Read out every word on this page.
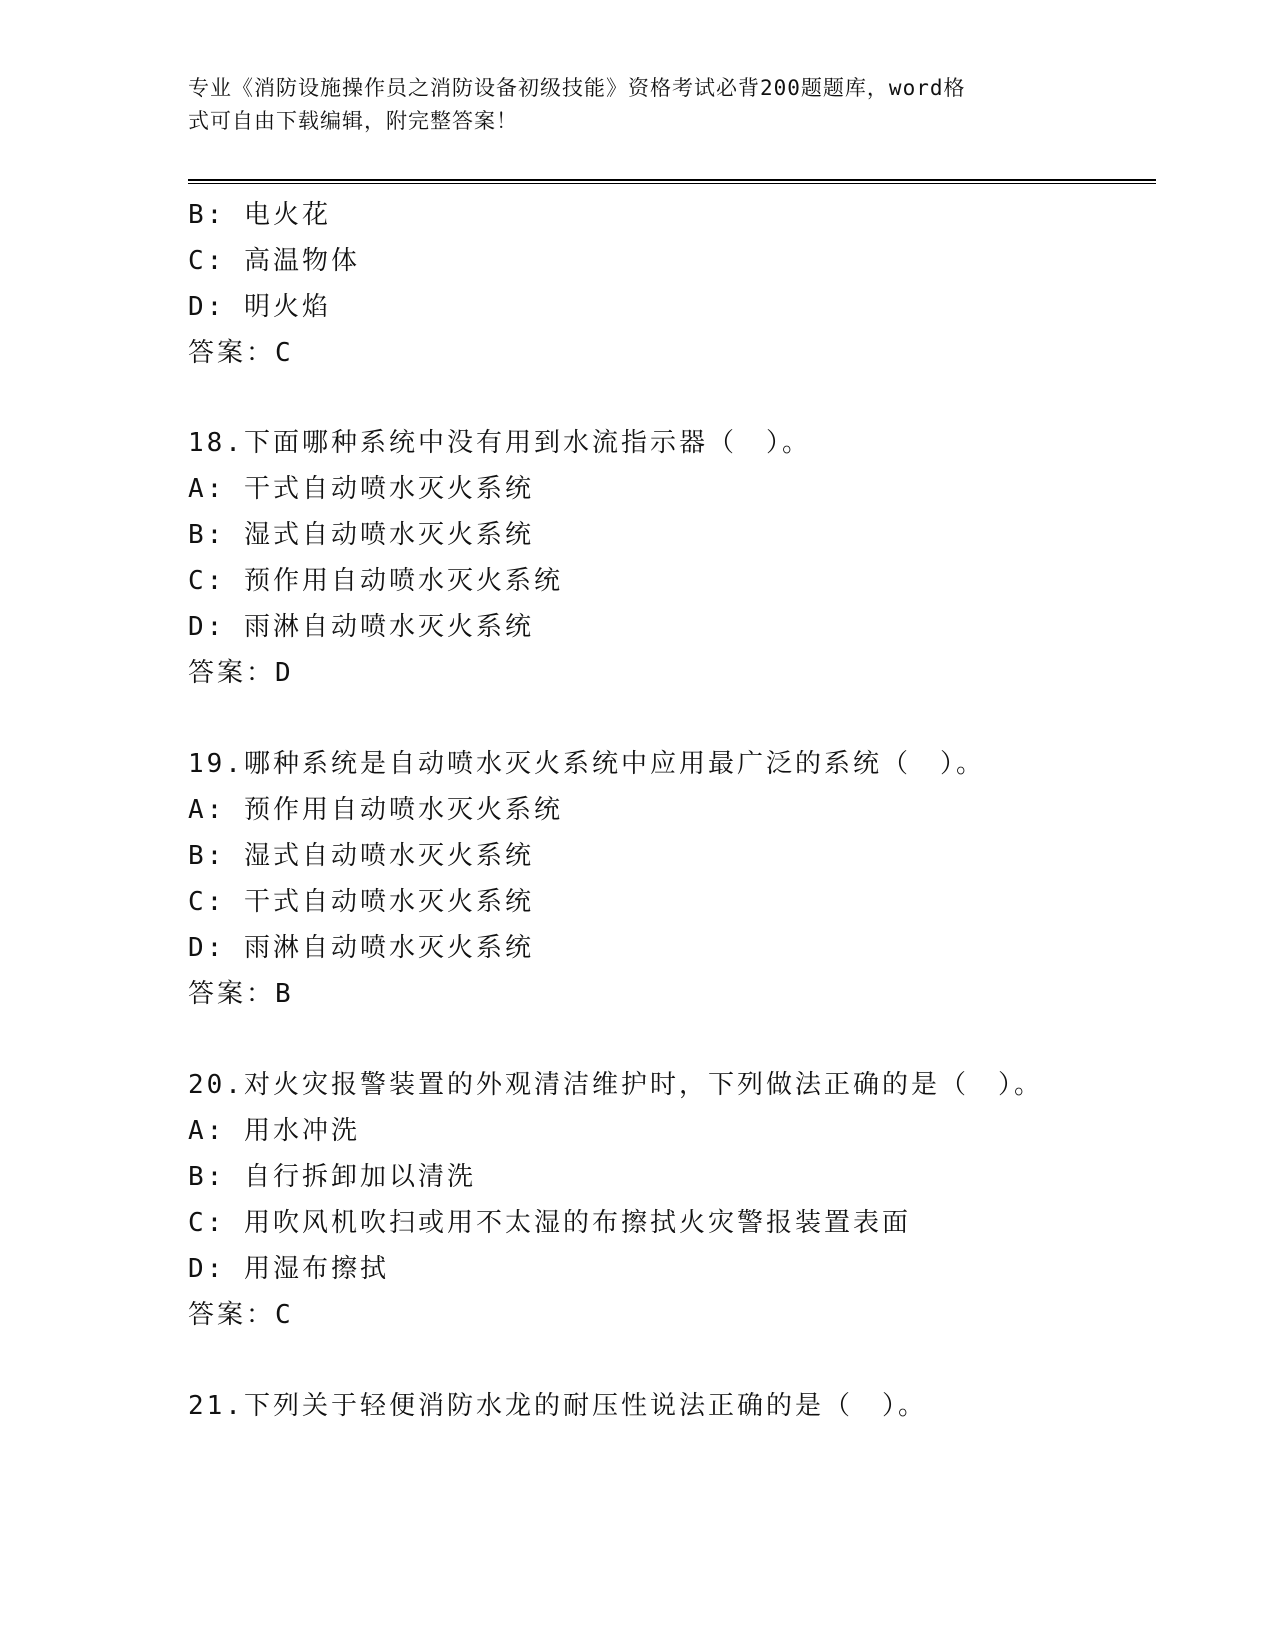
专业《消防设施操作员之消防设备初级技能》资格考试必背200题题库，word格
式可自由下载编辑，附完整答案！
B: 电火花
C: 高温物体
D: 明火焰
答案：C
18.下面哪种系统中没有用到水流指示器（　）。
A: 干式自动喷水灭火系统
B: 湿式自动喷水灭火系统
C: 预作用自动喷水灭火系统
D: 雨淋自动喷水灭火系统
答案：D
19.哪种系统是自动喷水灭火系统中应用最广泛的系统（　）。
A: 预作用自动喷水灭火系统
B: 湿式自动喷水灭火系统
C: 干式自动喷水灭火系统
D: 雨淋自动喷水灭火系统
答案：B
20.对火灾报警装置的外观清洁维护时，下列做法正确的是（　）。
A: 用水冲洗
B: 自行拆卸加以清洗
C: 用吹风机吹扫或用不太湿的布擦拭火灾警报装置表面
D: 用湿布擦拭
答案：C
21.下列关于轻便消防水龙的耐压性说法正确的是（　）。
